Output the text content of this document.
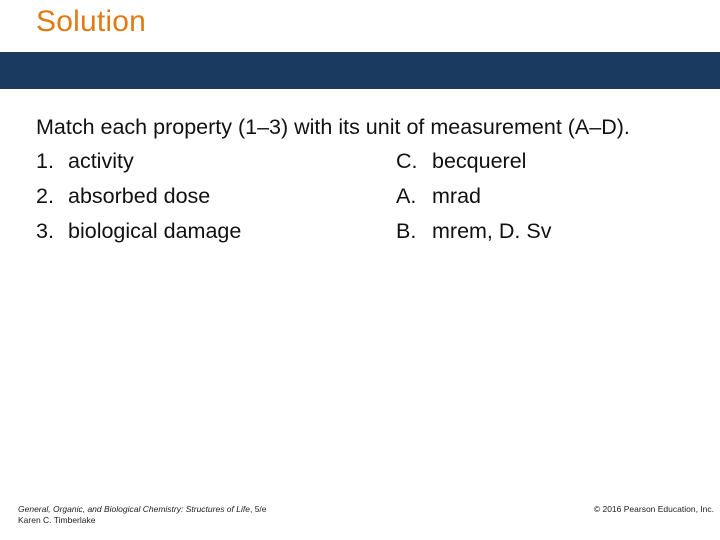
Solution
Match each property (1–3) with its unit of measurement (A–D).
1. activity	C. becquerel
2. absorbed dose	A. mrad
3. biological damage	B. mrem, D. Sv
General, Organic, and Biological Chemistry: Structures of Life, 5/e
Karen C. Timberlake
© 2016 Pearson Education, Inc.
